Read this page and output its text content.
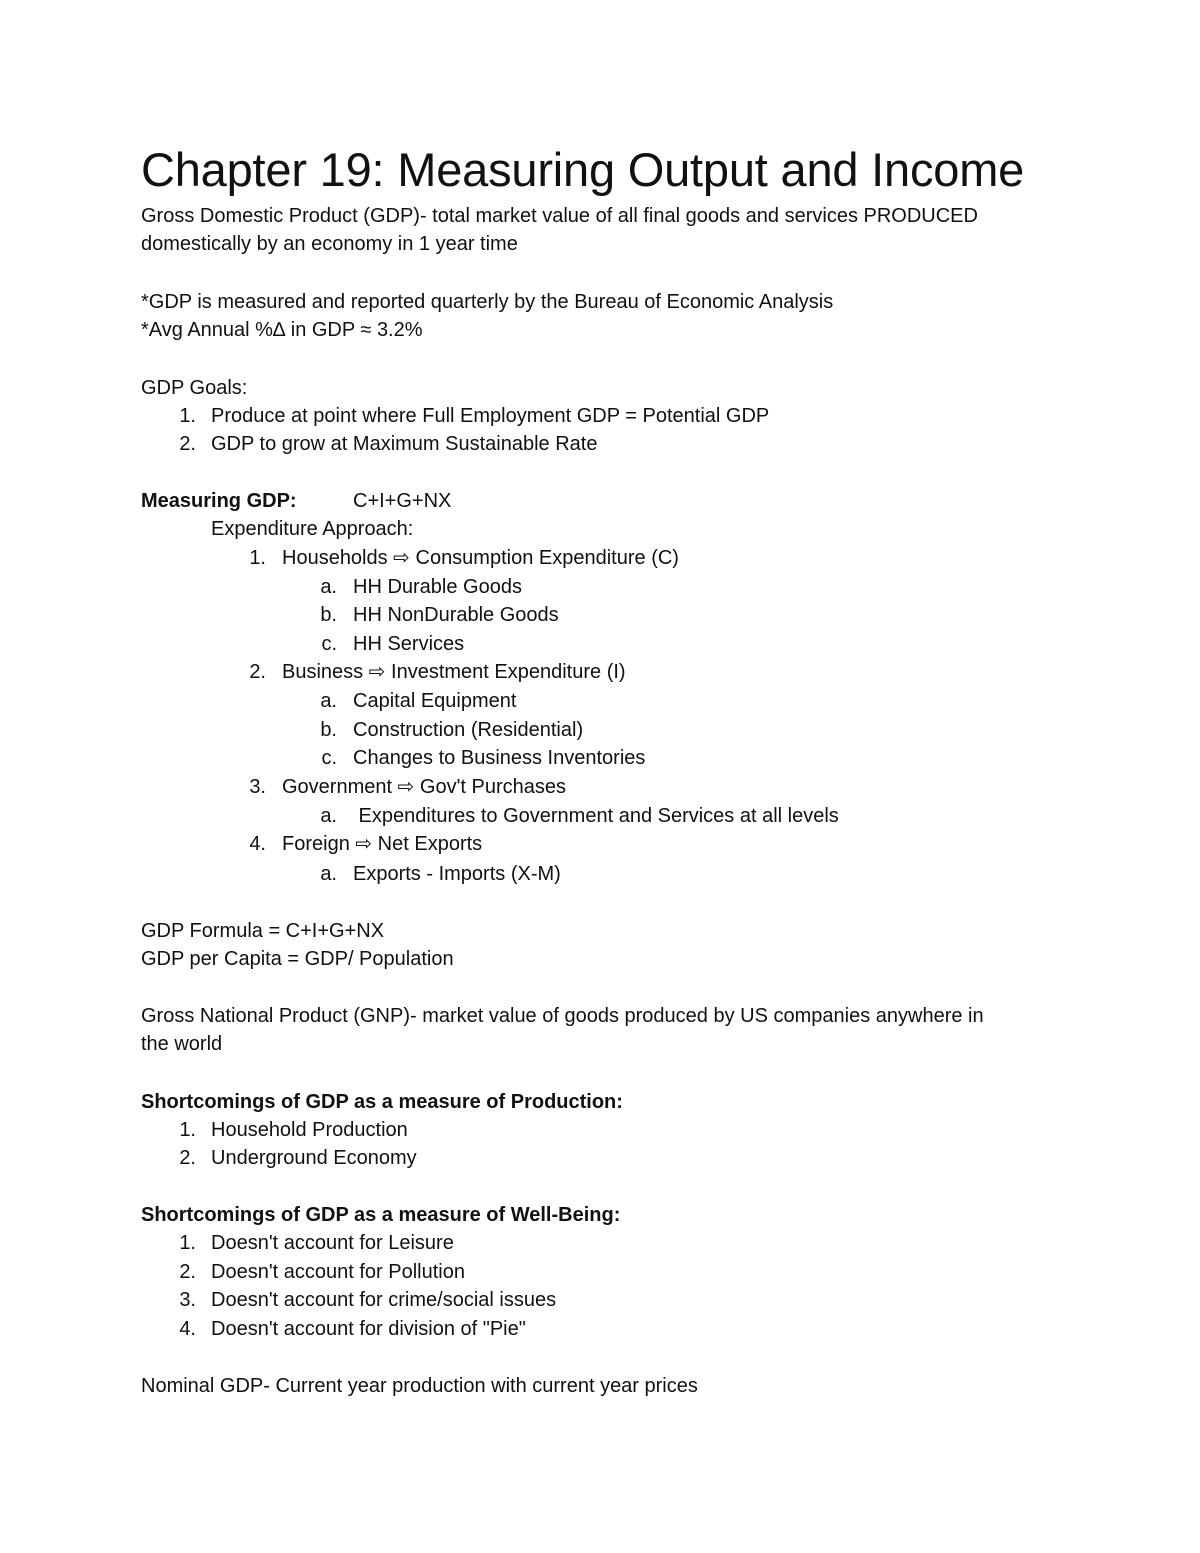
Chapter 19: Measuring Output and Income
Gross Domestic Product (GDP)- total market value of all final goods and services PRODUCED
domestically by an economy in 1 year time
*GDP is measured and reported quarterly by the Bureau of Economic Analysis
*Avg Annual %∆ in GDP ≈ 3.2%
GDP Goals:
1. Produce at point where Full Employment GDP = Potential GDP
2. GDP to grow at Maximum Sustainable Rate
Measuring GDP:	C+I+G+NX
Expenditure Approach:
1. Households ⇨ Consumption Expenditure (C)
a. HH Durable Goods
b. HH NonDurable Goods
c. HH Services
2. Business ⇨ Investment Expenditure (I)
a. Capital Equipment
b. Construction (Residential)
c. Changes to Business Inventories
3. Government ⇨ Gov't Purchases
a. Expenditures to Government and Services at all levels
4. Foreign ⇨ Net Exports
a. Exports - Imports (X-M)
GDP Formula = C+I+G+NX
GDP per Capita = GDP/ Population
Gross National Product (GNP)- market value of goods produced by US companies anywhere in
the world
Shortcomings of GDP as a measure of Production:
1. Household Production
2. Underground Economy
Shortcomings of GDP as a measure of Well-Being:
1. Doesn't account for Leisure
2. Doesn't account for Pollution
3. Doesn't account for crime/social issues
4. Doesn't account for division of "Pie"
Nominal GDP- Current year production with current year prices
